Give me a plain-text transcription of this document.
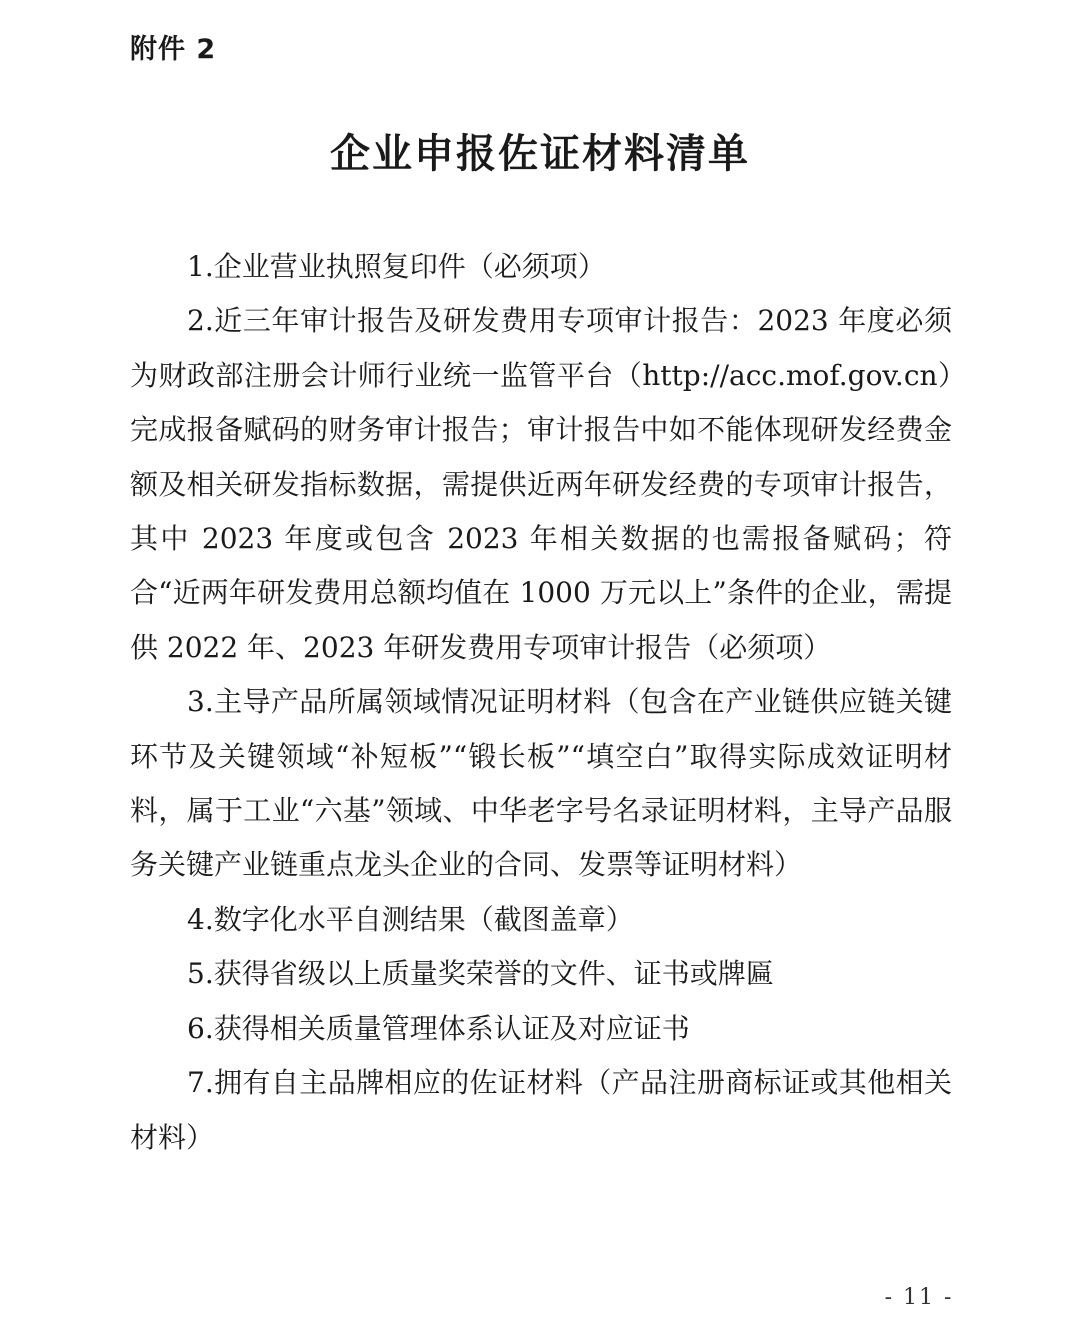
附件 2
企业申报佐证材料清单

1.企业营业执照复印件（必须项）

2.近三年审计报告及研发费用专项审计报告：2023 年度必须为财政部注册会计师行业统一监管平台（http://acc.mof.gov.cn）完成报备赋码的财务审计报告；审计报告中如不能体现研发经费金额及相关研发指标数据，需提供近两年研发经费的专项审计报告，其中 2023 年度或包含 2023 年相关数据的也需报备赋码；符合“近两年研发费用总额均值在 1000 万元以上”条件的企业，需提供 2022 年、2023 年研发费用专项审计报告（必须项）

3.主导产品所属领域情况证明材料（包含在产业链供应链关键环节及关键领域“补短板”“锻长板”“填空白”取得实际成效证明材料，属于工业“六基”领域、中华老字号名录证明材料，主导产品服务关键产业链重点龙头企业的合同、发票等证明材料）

4.数字化水平自测结果（截图盖章）

5.获得省级以上质量奖荣誉的文件、证书或牌匾

6.获得相关质量管理体系认证及对应证书

7.拥有自主品牌相应的佐证材料（产品注册商标证或其他相关材料）

- 11 -
